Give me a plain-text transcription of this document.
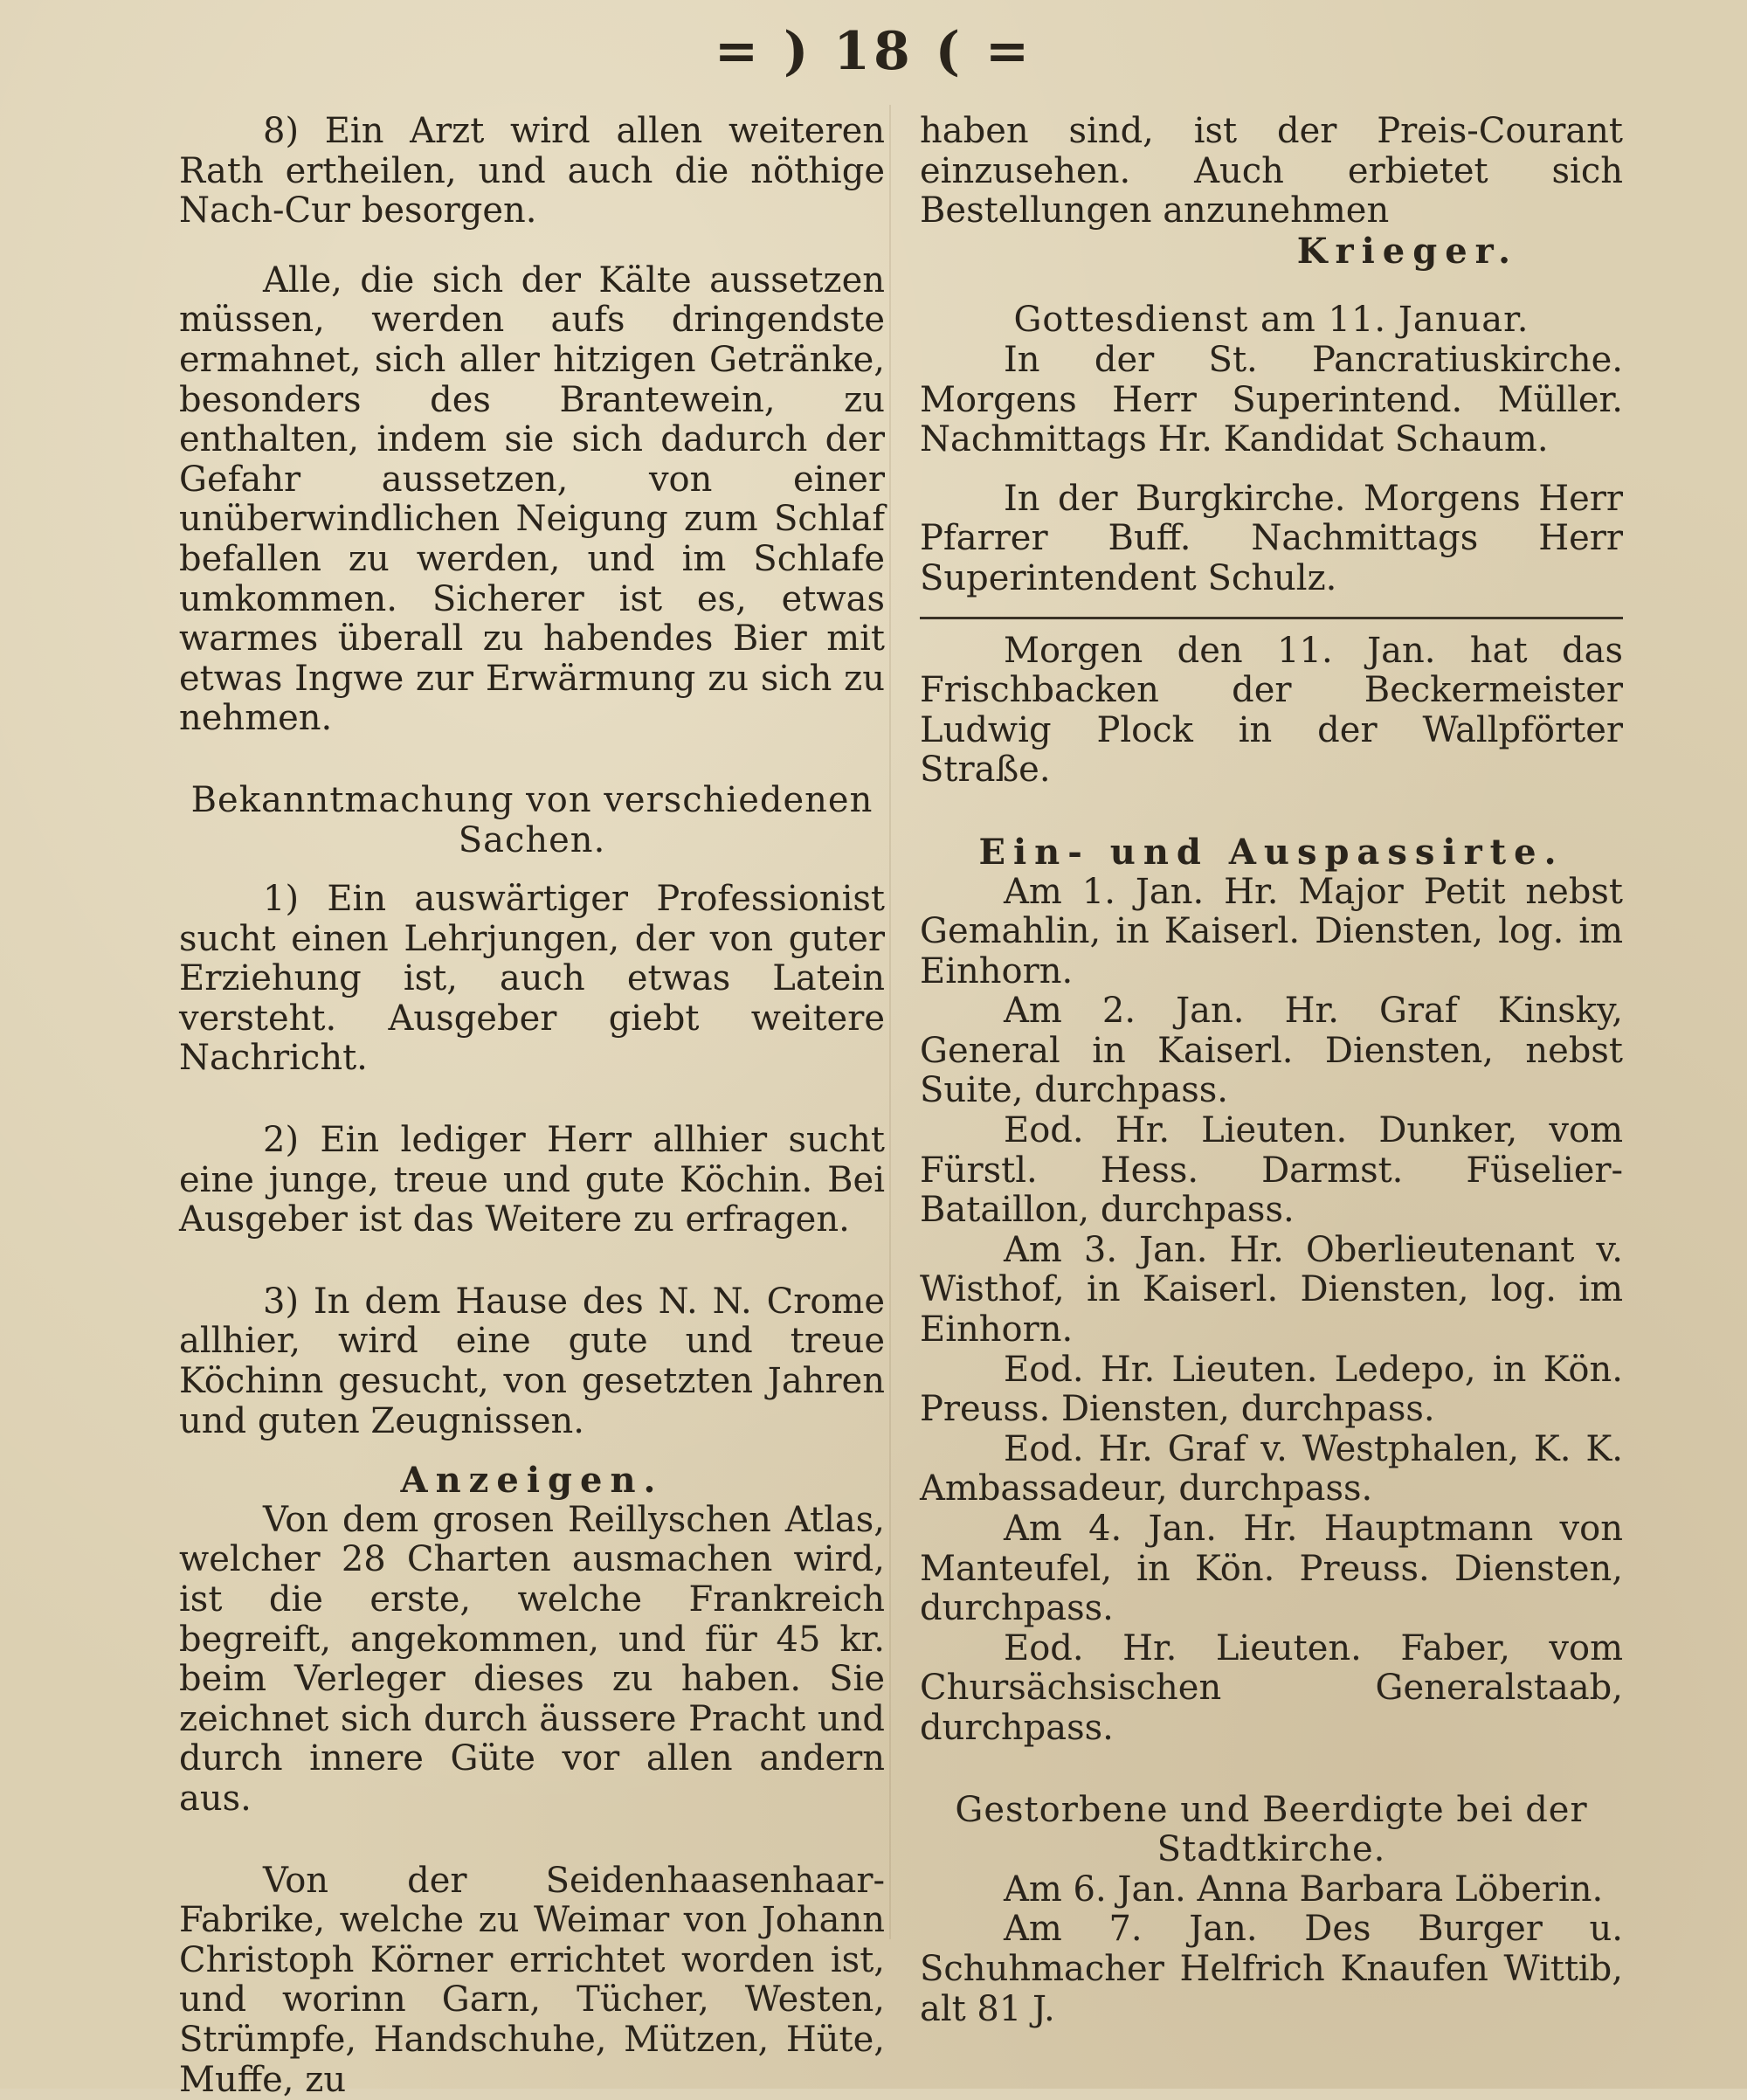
= ) 18 ( =

8) Ein Arzt wird allen weiteren Rath ertheilen, und auch die nöthige Nach-Cur besorgen.

Alle, die sich der Kälte aussetzen müssen, werden aufs dringendste ermahnet, sich aller hitzigen Getränke, besonders des Brantewein, zu enthalten, indem sie sich dadurch der Gefahr aussetzen, von einer unüberwindlichen Neigung zum Schlaf befallen zu werden, und im Schlafe umkommen. Sicherer ist es, etwas warmes überall zu habendes Bier mit etwas Ingwe zur Erwärmung zu sich zu nehmen.

Bekanntmachung von verschiedenen Sachen.

1) Ein auswärtiger Professionist sucht einen Lehrjungen, der von guter Erziehung ist, auch etwas Latein versteht. Ausgeber giebt weitere Nachricht.

2) Ein lediger Herr allhier sucht eine junge, treue und gute Köchin. Bei Ausgeber ist das Weitere zu erfragen.

3) In dem Hause des N. N. Crome allhier, wird eine gute und treue Köchinn gesucht, von gesetzten Jahren und guten Zeugnissen.

Anzeigen.

Von dem grosen Reillyschen Atlas, welcher 28 Charten ausmachen wird, ist die erste, welche Frankreich begreift, angekommen, und für 45 kr. beim Verleger dieses zu haben. Sie zeichnet sich durch äussere Pracht und durch innere Güte vor allen andern aus.

Von der Seidenhaasenhaar-Fabrike, welche zu Weimar von Johann Christoph Körner errichtet worden ist, und worinn Garn, Tücher, Westen, Strümpfe, Handschuhe, Mützen, Hüte, Muffe, zu

haben sind, ist der Preis-Courant einzusehen. Auch erbietet sich Bestellungen anzunehmen

Krieger.

Gottesdienst am 11. Januar.

In der St. Pancratiuskirche. Morgens Herr Superintend. Müller. Nachmittags Hr. Kandidat Schaum.

In der Burgkirche. Morgens Herr Pfarrer Buff. Nachmittags Herr Superintendent Schulz.

Morgen den 11. Jan. hat das Frischbacken der Beckermeister Ludwig Plock in der Wallpförter Straße.

Ein- und Auspassirte.

Am 1. Jan. Hr. Major Petit nebst Gemahlin, in Kaiserl. Diensten, log. im Einhorn.

Am 2. Jan. Hr. Graf Kinsky, General in Kaiserl. Diensten, nebst Suite, durchpass.

Eod. Hr. Lieuten. Dunker, vom Fürstl. Hess. Darmst. Füselier-Bataillon, durchpass.

Am 3. Jan. Hr. Oberlieutenant v. Wisthof, in Kaiserl. Diensten, log. im Einhorn.

Eod. Hr. Lieuten. Ledepo, in Kön. Preuss. Diensten, durchpass.

Eod. Hr. Graf v. Westphalen, K. K. Ambassadeur, durchpass.

Am 4. Jan. Hr. Hauptmann von Manteufel, in Kön. Preuss. Diensten, durchpass.

Eod. Hr. Lieuten. Faber, vom Chursächsischen Generalstaab, durchpass.

Gestorbene und Beerdigte bei der Stadtkirche.

Am 6. Jan. Anna Barbara Löberin.

Am 7. Jan. Des Burger u. Schuhmacher Helfrich Knaufen Wittib, alt 81 J.
